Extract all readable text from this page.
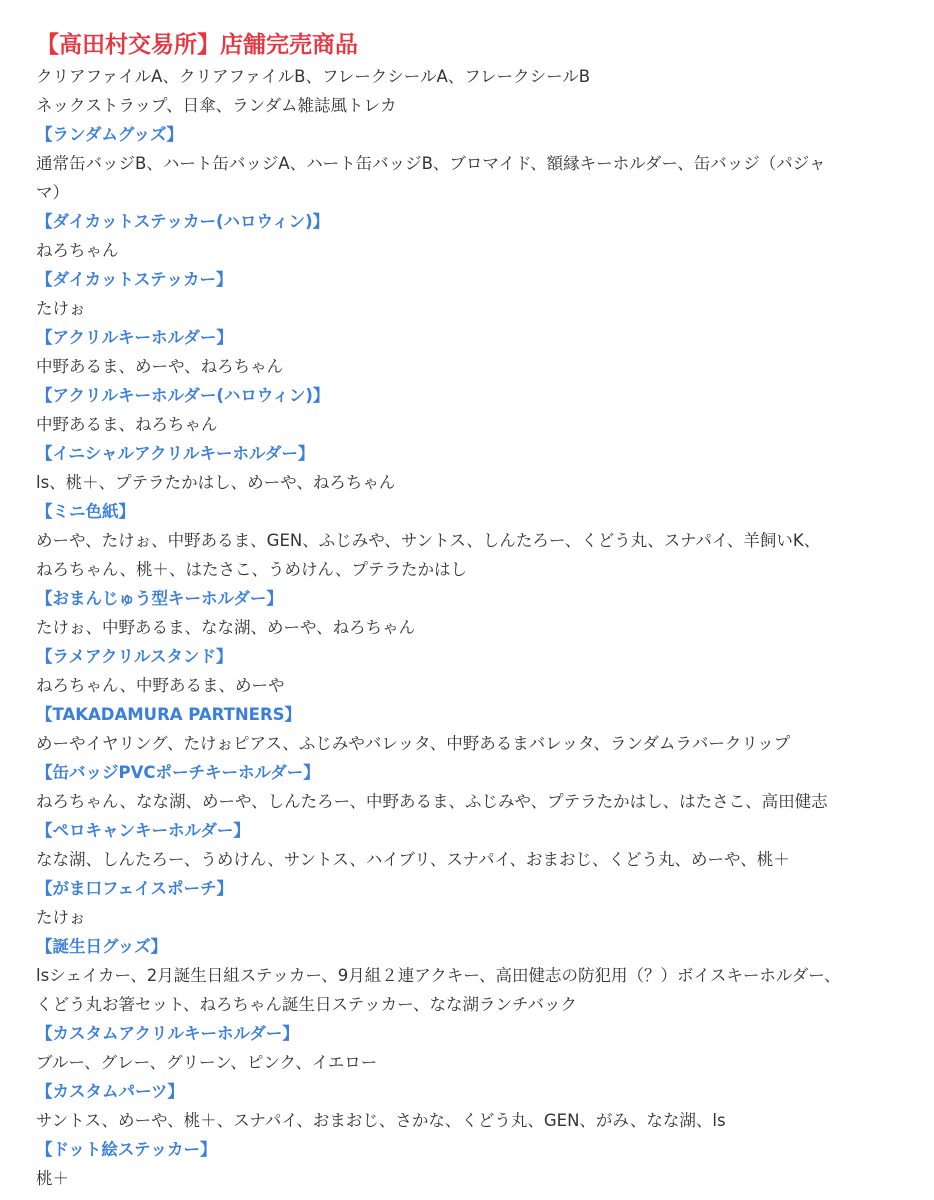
【高田村交易所】店舗完売商品
クリアファイルA、クリアファイルB、フレークシールA、フレークシールB
ネックストラップ、日傘、ランダム雑誌風トレカ
【ランダムグッズ】
通常缶バッジB、ハート缶バッジA、ハート缶バッジB、ブロマイド、額縁キーホルダー、缶バッジ（パジャ
マ）
【ダイカットステッカー(ハロウィン)】
ねろちゃん
【ダイカットステッカー】
たけぉ
【アクリルキーホルダー】
中野あるま、めーや、ねろちゃん
【アクリルキーホルダー(ハロウィン)】
中野あるま、ねろちゃん
【イニシャルアクリルキーホルダー】
ls、桃＋、プテラたかはし、めーや、ねろちゃん
【ミニ色紙】
めーや、たけぉ、中野あるま、GEN、ふじみや、サントス、しんたろー、くどう丸、スナパイ、羊飼いK、
ねろちゃん、桃＋、はたさこ、うめけん、プテラたかはし
【おまんじゅう型キーホルダー】
たけぉ、中野あるま、なな湖、めーや、ねろちゃん
【ラメアクリルスタンド】
ねろちゃん、中野あるま、めーや
【TAKADAMURA PARTNERS】
めーやイヤリング、たけぉピアス、ふじみやバレッタ、中野あるまバレッタ、ランダムラバークリップ
【缶バッジPVCポーチキーホルダー】
ねろちゃん、なな湖、めーや、しんたろー、中野あるま、ふじみや、プテラたかはし、はたさこ、高田健志
【ペロキャンキーホルダー】
なな湖、しんたろー、うめけん、サントス、ハイブリ、スナパイ、おまおじ、くどう丸、めーや、桃＋
【がま口フェイスポーチ】
たけぉ
【誕生日グッズ】
lsシェイカー、2月誕生日組ステッカー、9月組２連アクキー、高田健志の防犯用（？）ボイスキーホルダー、
くどう丸お箸セット、ねろちゃん誕生日ステッカー、なな湖ランチバック
【カスタムアクリルキーホルダー】
ブルー、グレー、グリーン、ピンク、イエロー
【カスタムパーツ】
サントス、めーや、桃＋、スナパイ、おまおじ、さかな、くどう丸、GEN、がみ、なな湖、ls
【ドット絵ステッカー】
桃＋
